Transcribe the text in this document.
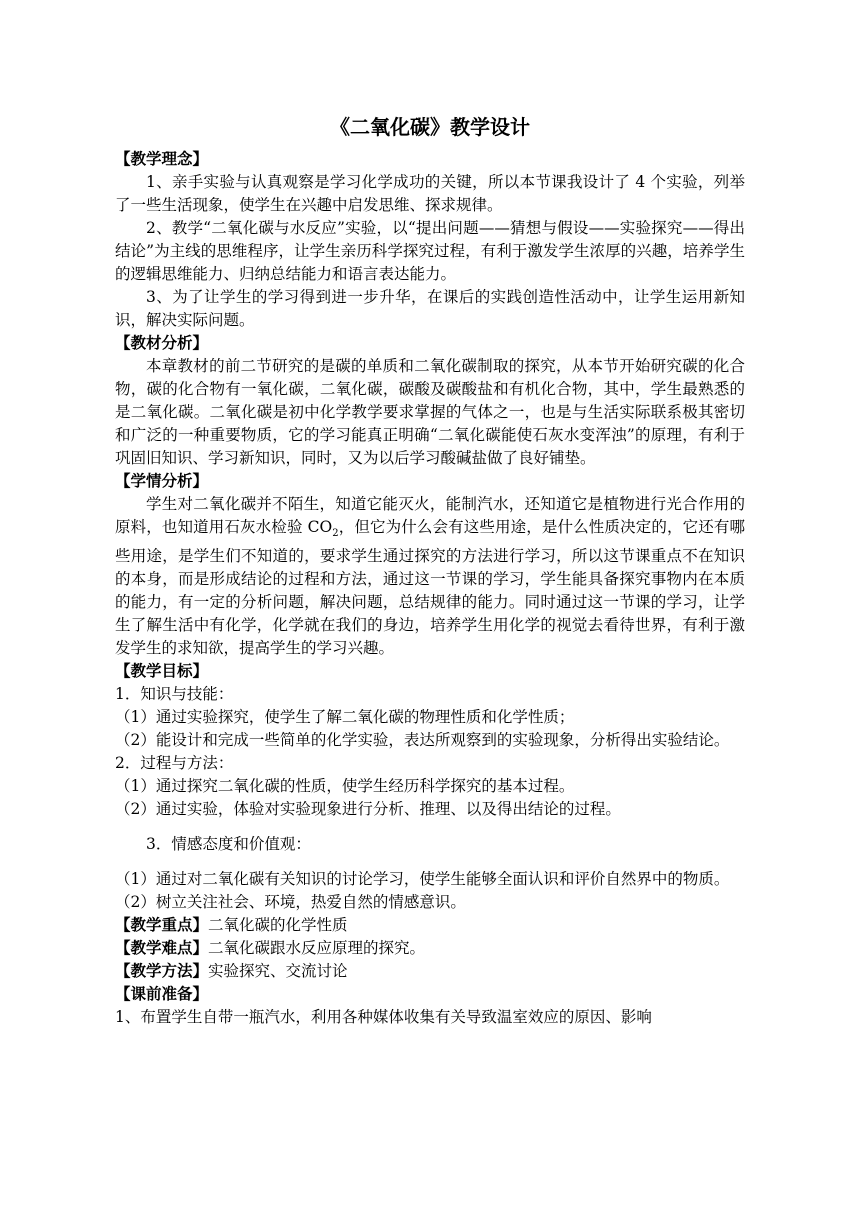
《二氧化碳》教学设计
【教学理念】

1、亲手实验与认真观察是学习化学成功的关键，所以本节课我设计了 4 个实验，列举了一些生活现象，使学生在兴趣中启发思维、探求规律。

2、教学“二氧化碳与水反应”实验，以“提出问题——猜想与假设——实验探究——得出结论”为主线的思维程序，让学生亲历科学探究过程，有利于激发学生浓厚的兴趣，培养学生的逻辑思维能力、归纳总结能力和语言表达能力。

3、为了让学生的学习得到进一步升华，在课后的实践创造性活动中，让学生运用新知识，解决实际问题。

【教材分析】

本章教材的前二节研究的是碳的单质和二氧化碳制取的探究，从本节开始研究碳的化合物，碳的化合物有一氧化碳，二氧化碳，碳酸及碳酸盐和有机化合物，其中，学生最熟悉的是二氧化碳。二氧化碳是初中化学教学要求掌握的气体之一，也是与生活实际联系极其密切和广泛的一种重要物质，它的学习能真正明确“二氧化碳能使石灰水变浑浊”的原理，有利于巩固旧知识、学习新知识，同时，又为以后学习酸碱盐做了良好铺垫。

【学情分析】

学生对二氧化碳并不陌生，知道它能灭火，能制汽水，还知道它是植物进行光合作用的原料，也知道用石灰水检验 $CO_2$，但它为什么会有这些用途，是什么性质决定的，它还有哪些用途，是学生们不知道的，要求学生通过探究的方法进行学习，所以这节课重点不在知识的本身，而是形成结论的过程和方法，通过这一节课的学习，学生能具备探究事物内在本质的能力，有一定的分析问题，解决问题，总结规律的能力。同时通过这一节课的学习，让学生了解生活中有化学，化学就在我们的身边，培养学生用化学的视觉去看待世界，有利于激发学生的求知欲，提高学生的学习兴趣。

【教学目标】

1．知识与技能：

（1）通过实验探究，使学生了解二氧化碳的物理性质和化学性质；

（2）能设计和完成一些简单的化学实验，表达所观察到的实验现象，分析得出实验结论。

2．过程与方法：

（1）通过探究二氧化碳的性质，使学生经历科学探究的基本过程。

（2）通过实验，体验对实验现象进行分析、推理、以及得出结论的过程。

3．情感态度和价值观：

（1）通过对二氧化碳有关知识的讨论学习，使学生能够全面认识和评价自然界中的物质。

（2）树立关注社会、环境，热爱自然的情感意识。

【教学重点】二氧化碳的化学性质

【教学难点】二氧化碳跟水反应原理的探究。

【教学方法】实验探究、交流讨论

【课前准备】

1、布置学生自带一瓶汽水，利用各种媒体收集有关导致温室效应的原因、影响
